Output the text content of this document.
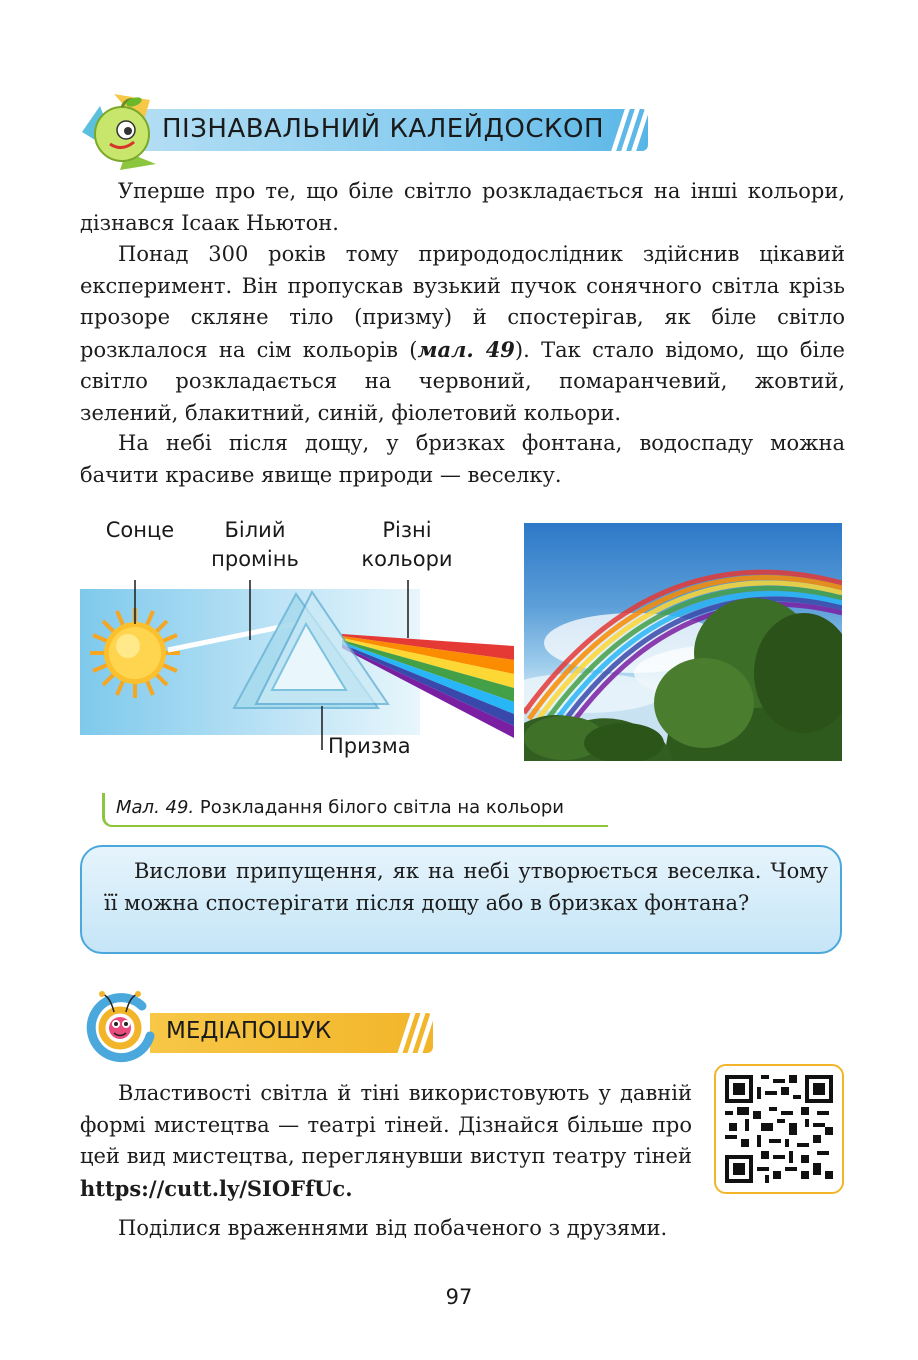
ПІЗНАВАЛЬНИЙ КАЛЕЙДОСКОП
Уперше про те, що біле світло розкладається на інші кольори, дізнався Ісаак Ньютон.
Понад 300 років тому природодослідник здійснив цікавий експеримент. Він пропускав вузький пучок сонячного світла крізь прозоре скляне тіло (призму) й спостерігав, як біле світло розклалося на сім кольорів (мал. 49). Так стало відомо, що біле світло розкладається на червоний, помаранчевий, жовтий, зелений, блакитний, синій, фіолетовий кольори.
На небі після дощу, у бризках фонтана, водоспаду можна бачити красиве явище природи — веселку.
Сонце	Білий
промінь
Різні
кольори
Призма
Мал. 49. Розкладання білого світла на кольори
Вислови припущення, як на небі утворюється веселка. Чому її можна спостерігати після дощу або в бризках фонтана?
МЕДІАПОШУК
Властивості світла й тіні використовують у давній формі мистецтва — театрі тіней. Дізнайся більше про цей вид мистецтва, переглянувши виступ театру тіней https://cutt.ly/SIOFfUc.
Поділися враженнями від побаченого з друзями.
97
